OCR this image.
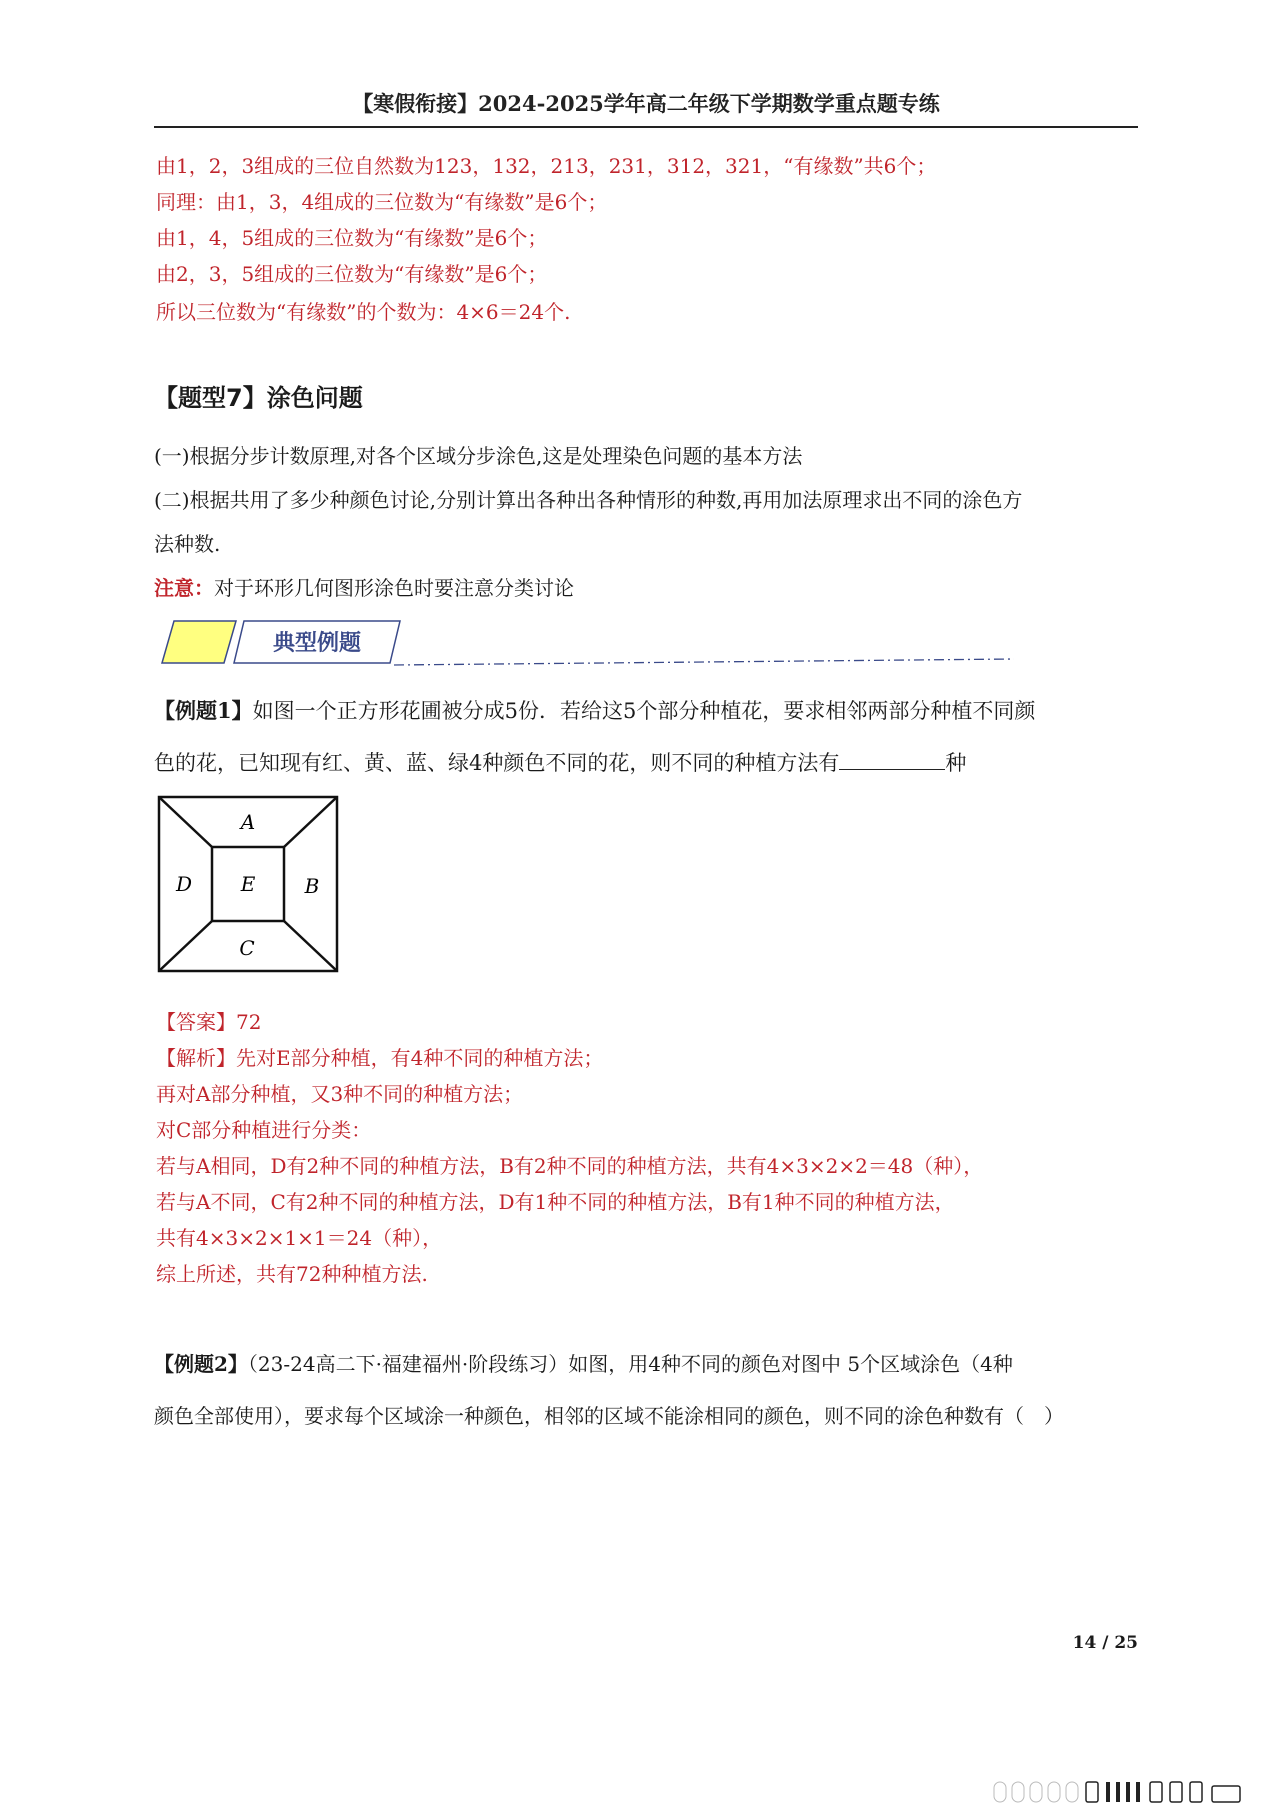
【寒假衔接】2024-2025学年高二年级下学期数学重点题专练
由1，2，3组成的三位自然数为123，132，213，231，312，321，“有缘数”共6个；
同理：由1，3，4组成的三位数为“有缘数”是6个；
由1，4，5组成的三位数为“有缘数”是6个；
由2，3，5组成的三位数为“有缘数”是6个；
所以三位数为“有缘数”的个数为：4×6＝24个.
【题型7】涂色问题
(一)根据分步计数原理,对各个区域分步涂色,这是处理染色问题的基本方法
(二)根据共用了多少种颜色讨论,分别计算出各种出各种情形的种数,再用加法原理求出不同的涂色方
法种数.
注意：对于环形几何图形涂色时要注意分类讨论
典型例题
【例题1】如图一个正方形花圃被分成5份．若给这5个部分种植花，要求相邻两部分种植不同颜
色的花，已知现有红、黄、蓝、绿4种颜色不同的花，则不同的种植方法有	种
A
B
C
D E
【答案】72
【解析】先对E部分种植，有4种不同的种植方法；
再对A部分种植，又3种不同的种植方法；
对C部分种植进行分类：
若与A相同，D有2种不同的种植方法，B有2种不同的种植方法，共有4×3×2×2＝48（种），
若与A不同，C有2种不同的种植方法，D有1种不同的种植方法，B有1种不同的种植方法，
共有4×3×2×1×1＝24（种），
综上所述，共有72种种植方法.
【例题2】（23-24高二下·福建福州·阶段练习）如图，用4种不同的颜色对图中 5个区域涂色（4种
颜色全部使用），要求每个区域涂一种颜色，相邻的区域不能涂相同的颜色，则不同的涂色种数有（　）
14 / 25
